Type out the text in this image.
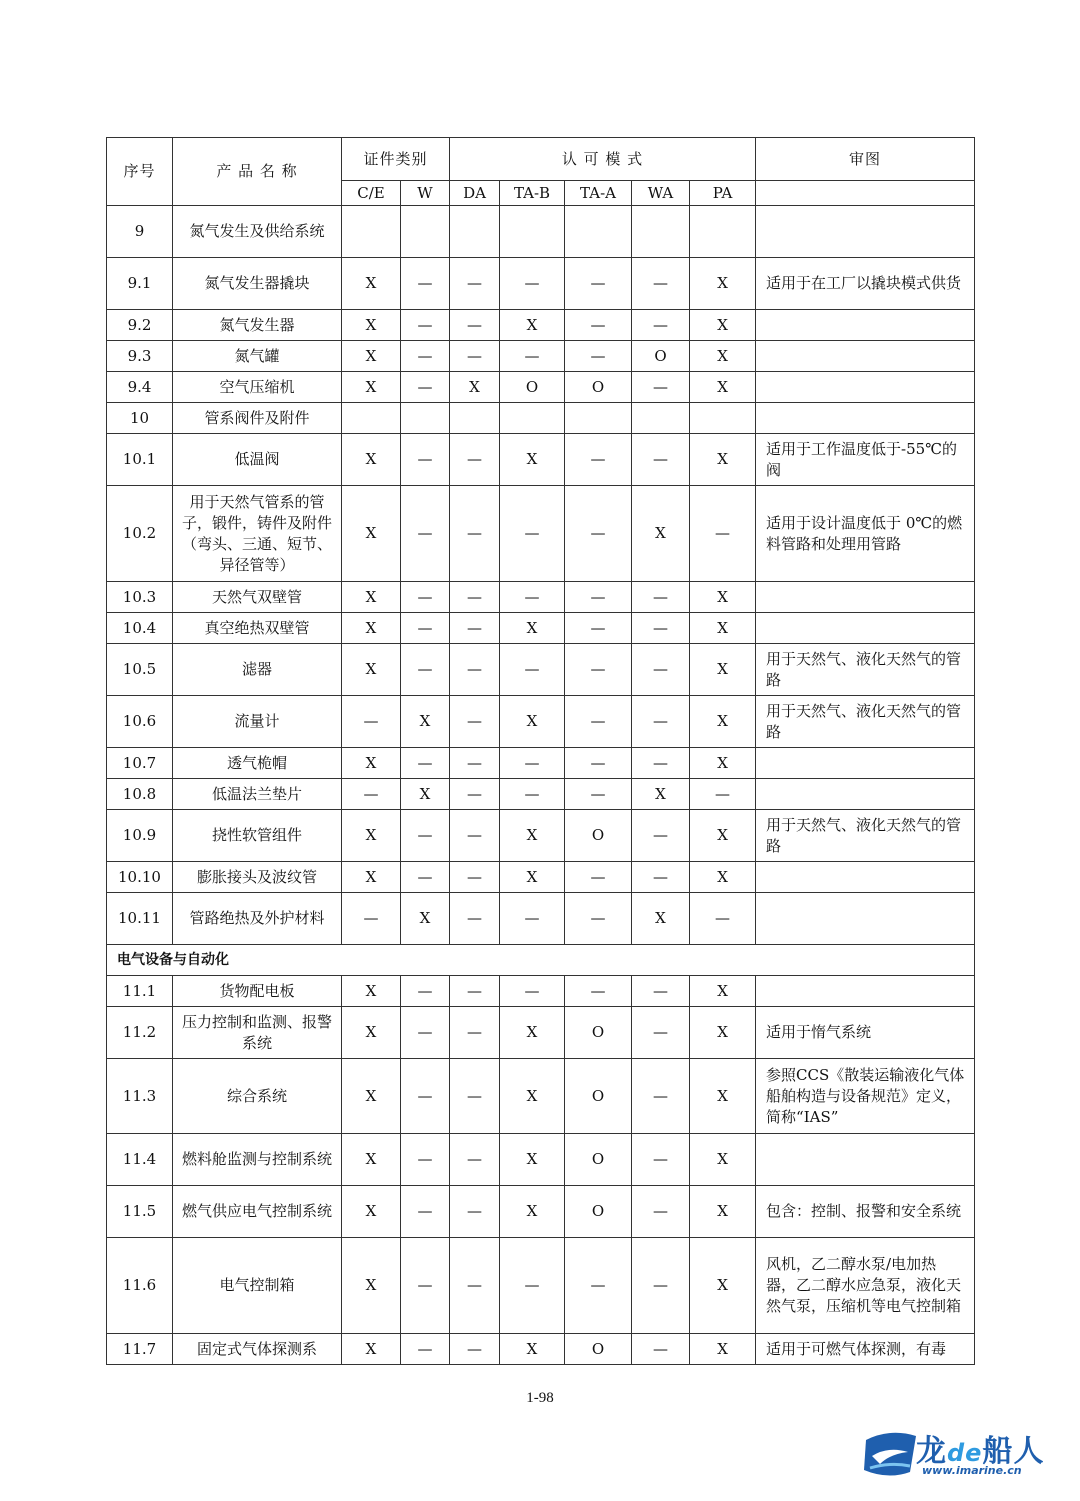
序号	产 品 名 称	证件类别		认 可 模 式					审图	
		C/E	W	DA	TA-B	TA-A	WA	PA		
9	氮气发生及供给系统									
9.1	氮气发生器撬块	X	—	—	—	—	—	X	适用于在工厂以撬块模式供货	
9.2	氮气发生器	X	—	—	X	—	—	X		
9.3	氮气罐	X	—	—	—	—	O	X		
9.4	空气压缩机	X	—	X	O	O	—	X		
10	管系阀件及附件									
10.1	低温阀	X	—	—	X	—	—	X	适用于工作温度低于-55℃的阀	
10.2	用于天然气管系的管子，锻件，铸件及附件（弯头、三通、短节、异径管等）	X	—	—	—	—	X	—	适用于设计温度低于 0℃的燃料管路和处理用管路	
10.3	天然气双壁管	X	—	—	—	—	—	X		
10.4	真空绝热双壁管	X	—	—	X	—	—	X		
10.5	滤器	X	—	—	—	—	—	X	用于天然气、液化天然气的管路	
10.6	流量计	—	X	—	X	—	—	X	用于天然气、液化天然气的管路	
10.7	透气桅帽	X	—	—	—	—	—	X		
10.8	低温法兰垫片	—	X	—	—	—	X	—		
10.9	挠性软管组件	X	—	—	X	O	—	X	用于天然气、液化天然气的管路	
10.10	膨胀接头及波纹管	X	—	—	X	—	—	X		
10.11	管路绝热及外护材料	—	X	—	—	—	X	—		
电气设备与自动化										
11.1	货物配电板	X	—	—	—	—	—	X		
11.2	压力控制和监测、报警系统	X	—	—	X	O	—	X	适用于惰气系统	
11.3	综合系统	X	—	—	X	O	—	X	参照CCS《散装运输液化气体船舶构造与设备规范》定义，简称“IAS”	
11.4	燃料舱监测与控制系统	X	—	—	X	O	—	X		
11.5	燃气供应电气控制系统	X	—	—	X	O	—	X	包含：控制、报警和安全系统	
11.6	电气控制箱	X	—	—	—	—	—	X	风机，乙二醇水泵/电加热器，乙二醇水应急泵，液化天然气泵，压缩机等电气控制箱	
11.7	固定式气体探测系	X	—	—	X	O	—	X	适用于可燃气体探测，有毒	
1-98
龙de船人
www.imarine.cn
